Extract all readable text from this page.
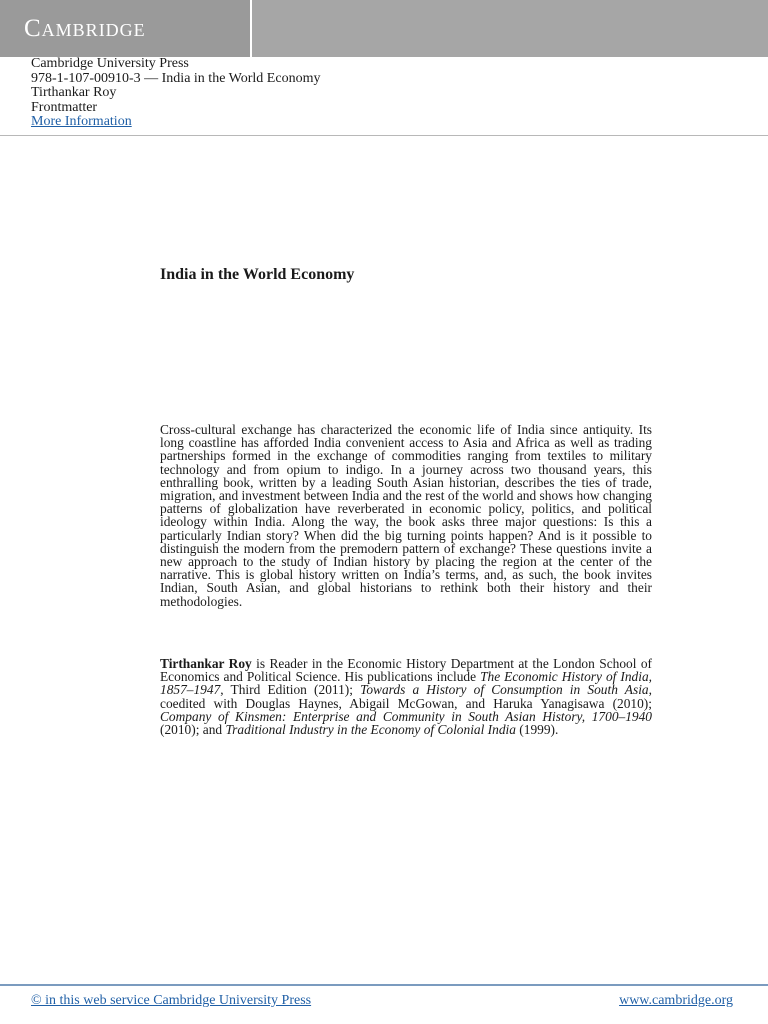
Cambridge
Cambridge University Press
978-1-107-00910-3 — India in the World Economy
Tirthankar Roy
Frontmatter
More Information
India in the World Economy
Cross-cultural exchange has characterized the economic life of India since antiquity. Its long coastline has afforded India convenient access to Asia and Africa as well as trading partnerships formed in the exchange of commodities ranging from textiles to military technology and from opium to indigo. In a journey across two thousand years, this enthralling book, written by a leading South Asian historian, describes the ties of trade, migration, and investment between India and the rest of the world and shows how changing patterns of globalization have reverberated in economic policy, politics, and political ideology within India. Along the way, the book asks three major questions: Is this a particularly Indian story? When did the big turning points happen? And is it possible to distinguish the modern from the premodern pattern of exchange? These questions invite a new approach to the study of Indian history by placing the region at the center of the narrative. This is global history written on India’s terms, and, as such, the book invites Indian, South Asian, and global historians to rethink both their history and their methodologies.
Tirthankar Roy is Reader in the Economic History Department at the London School of Economics and Political Science. His publications include The Economic History of India, 1857–1947, Third Edition (2011); Towards a History of Consumption in South Asia, coedited with Douglas Haynes, Abigail McGowan, and Haruka Yanagisawa (2010); Company of Kinsmen: Enterprise and Community in South Asian History, 1700–1940 (2010); and Traditional Industry in the Economy of Colonial India (1999).
© in this web service Cambridge University Press	www.cambridge.org
